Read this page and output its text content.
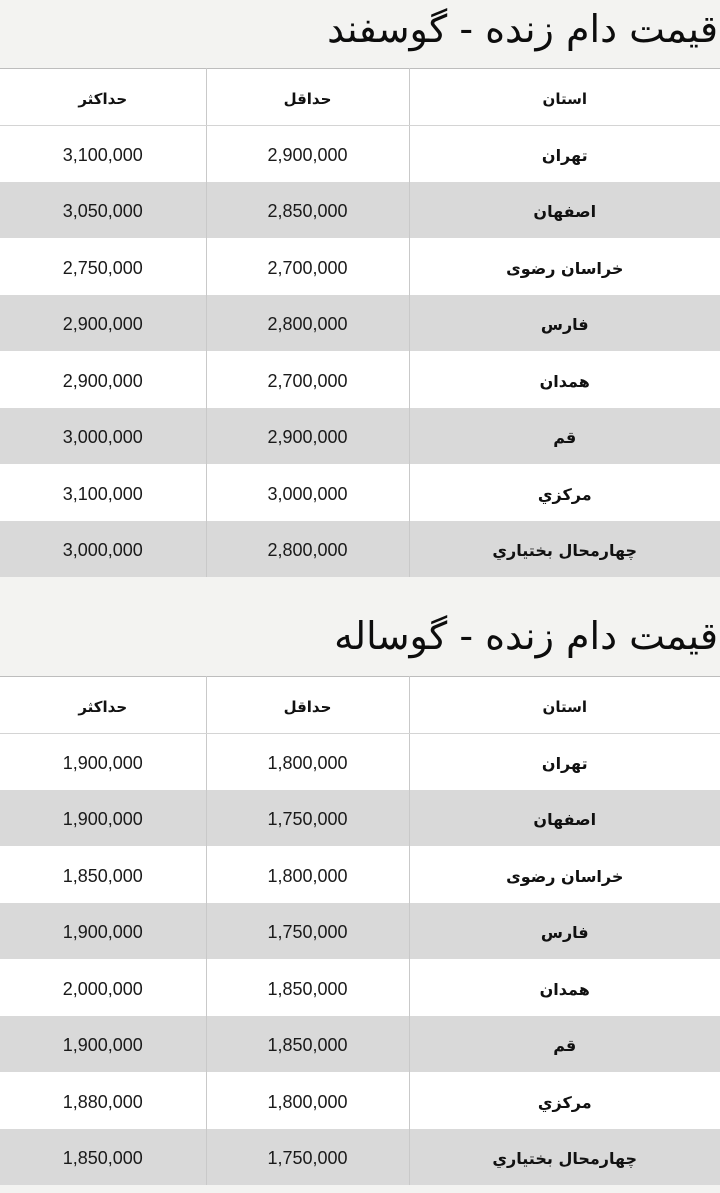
قیمت دام زنده - گوسفند
حداکثر	حداقل	استان
3,100,000	2,900,000	تهران
3,050,000	2,850,000	اصفهان
2,750,000	2,700,000	خراسان رضوی
2,900,000	2,800,000	فارس
2,900,000	2,700,000	همدان
3,000,000	2,900,000	قم
3,100,000	3,000,000	مرکزي
3,000,000	2,800,000	چهارمحال بختياري
قیمت دام زنده - گوساله
حداکثر	حداقل	استان
1,900,000	1,800,000	تهران
1,900,000	1,750,000	اصفهان
1,850,000	1,800,000	خراسان رضوی
1,900,000	1,750,000	فارس
2,000,000	1,850,000	همدان
1,900,000	1,850,000	قم
1,880,000	1,800,000	مرکزي
1,850,000	1,750,000	چهارمحال بختياري
